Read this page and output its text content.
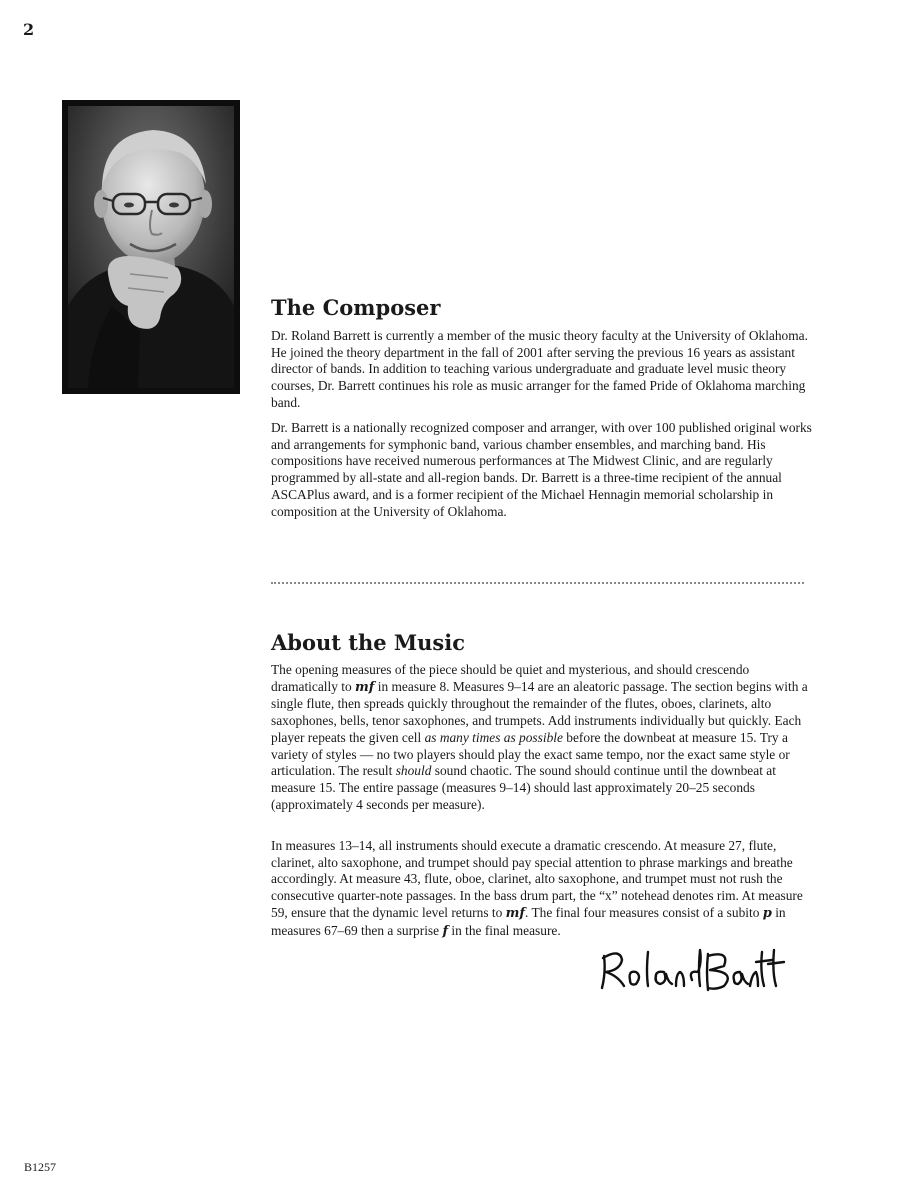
2
The Composer

Dr. Roland Barrett is currently a member of the music theory faculty at the University of Oklahoma. He joined the theory department in the fall of 2001 after serving the previous 16 years as assistant director of bands. In addition to teaching various undergraduate and graduate level music theory courses, Dr. Barrett continues his role as music arranger for the famed Pride of Oklahoma marching band.

Dr. Barrett is a nationally recognized composer and arranger, with over 100 published original works and arrangements for symphonic band, various chamber ensembles, and marching band. His compositions have received numerous performances at The Midwest Clinic, and are regularly programmed by all-state and all-region bands. Dr. Barrett is a three-time recipient of the annual ASCAPlus award, and is a former recipient of the Michael Hennagin memorial scholarship in composition at the University of Oklahoma.

About the Music

The opening measures of the piece should be quiet and mysterious, and should crescendo dramatically to mf in measure 8. Measures 9–14 are an aleatoric passage. The section begins with a single flute, then spreads quickly throughout the remainder of the flutes, oboes, clarinets, alto saxophones, bells, tenor saxophones, and trumpets. Add instruments individually but quickly. Each player repeats the given cell as many times as possible before the downbeat at measure 15. Try a variety of styles — no two players should play the exact same tempo, nor the exact same style or articulation. The result should sound chaotic. The sound should continue until the downbeat at measure 15. The entire passage (measures 9–14) should last approximately 20–25 seconds (approximately 4 seconds per measure).

In measures 13–14, all instruments should execute a dramatic crescendo. At measure 27, flute, clarinet, alto saxophone, and trumpet should pay special attention to phrase markings and breathe accordingly. At measure 43, flute, oboe, clarinet, alto saxophone, and trumpet must not rush the consecutive quarter-note passages. In the bass drum part, the “x” notehead denotes rim. At measure 59, ensure that the dynamic level returns to mf. The final four measures consist of a subito p in measures 67–69 then a surprise f in the final measure.

B1257
